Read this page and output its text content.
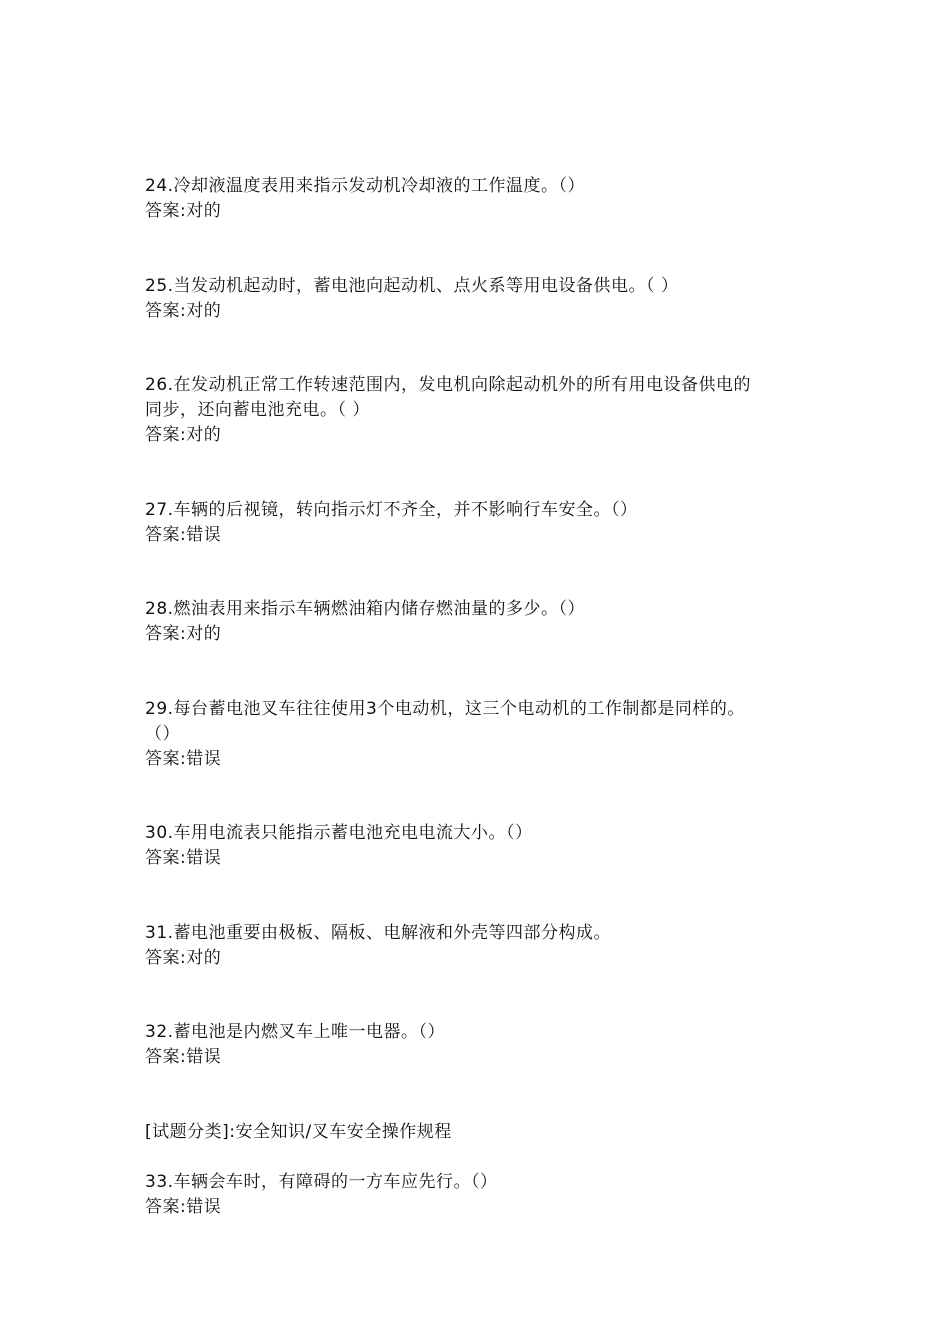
24.冷却液温度表用来指示发动机冷却液的工作温度。（）
答案:对的
25.当发动机起动时，蓄电池向起动机、点火系等用电设备供电。（ ）
答案:对的
26.在发动机正常工作转速范围内，发电机向除起动机外的所有用电设备供电的
同步，还向蓄电池充电。（ ）
答案:对的
27.车辆的后视镜，转向指示灯不齐全，并不影响行车安全。（）
答案:错误
28.燃油表用来指示车辆燃油箱内储存燃油量的多少。（）
答案:对的
29.每台蓄电池叉车往往使用3个电动机，这三个电动机的工作制都是同样的。
（）
答案:错误
30.车用电流表只能指示蓄电池充电电流大小。（）
答案:错误
31.蓄电池重要由极板、隔板、电解液和外壳等四部分构成。
答案:对的
32.蓄电池是内燃叉车上唯一电器。（）
答案:错误
[试题分类]:安全知识/叉车安全操作规程
33.车辆会车时，有障碍的一方车应先行。（）
答案:错误
